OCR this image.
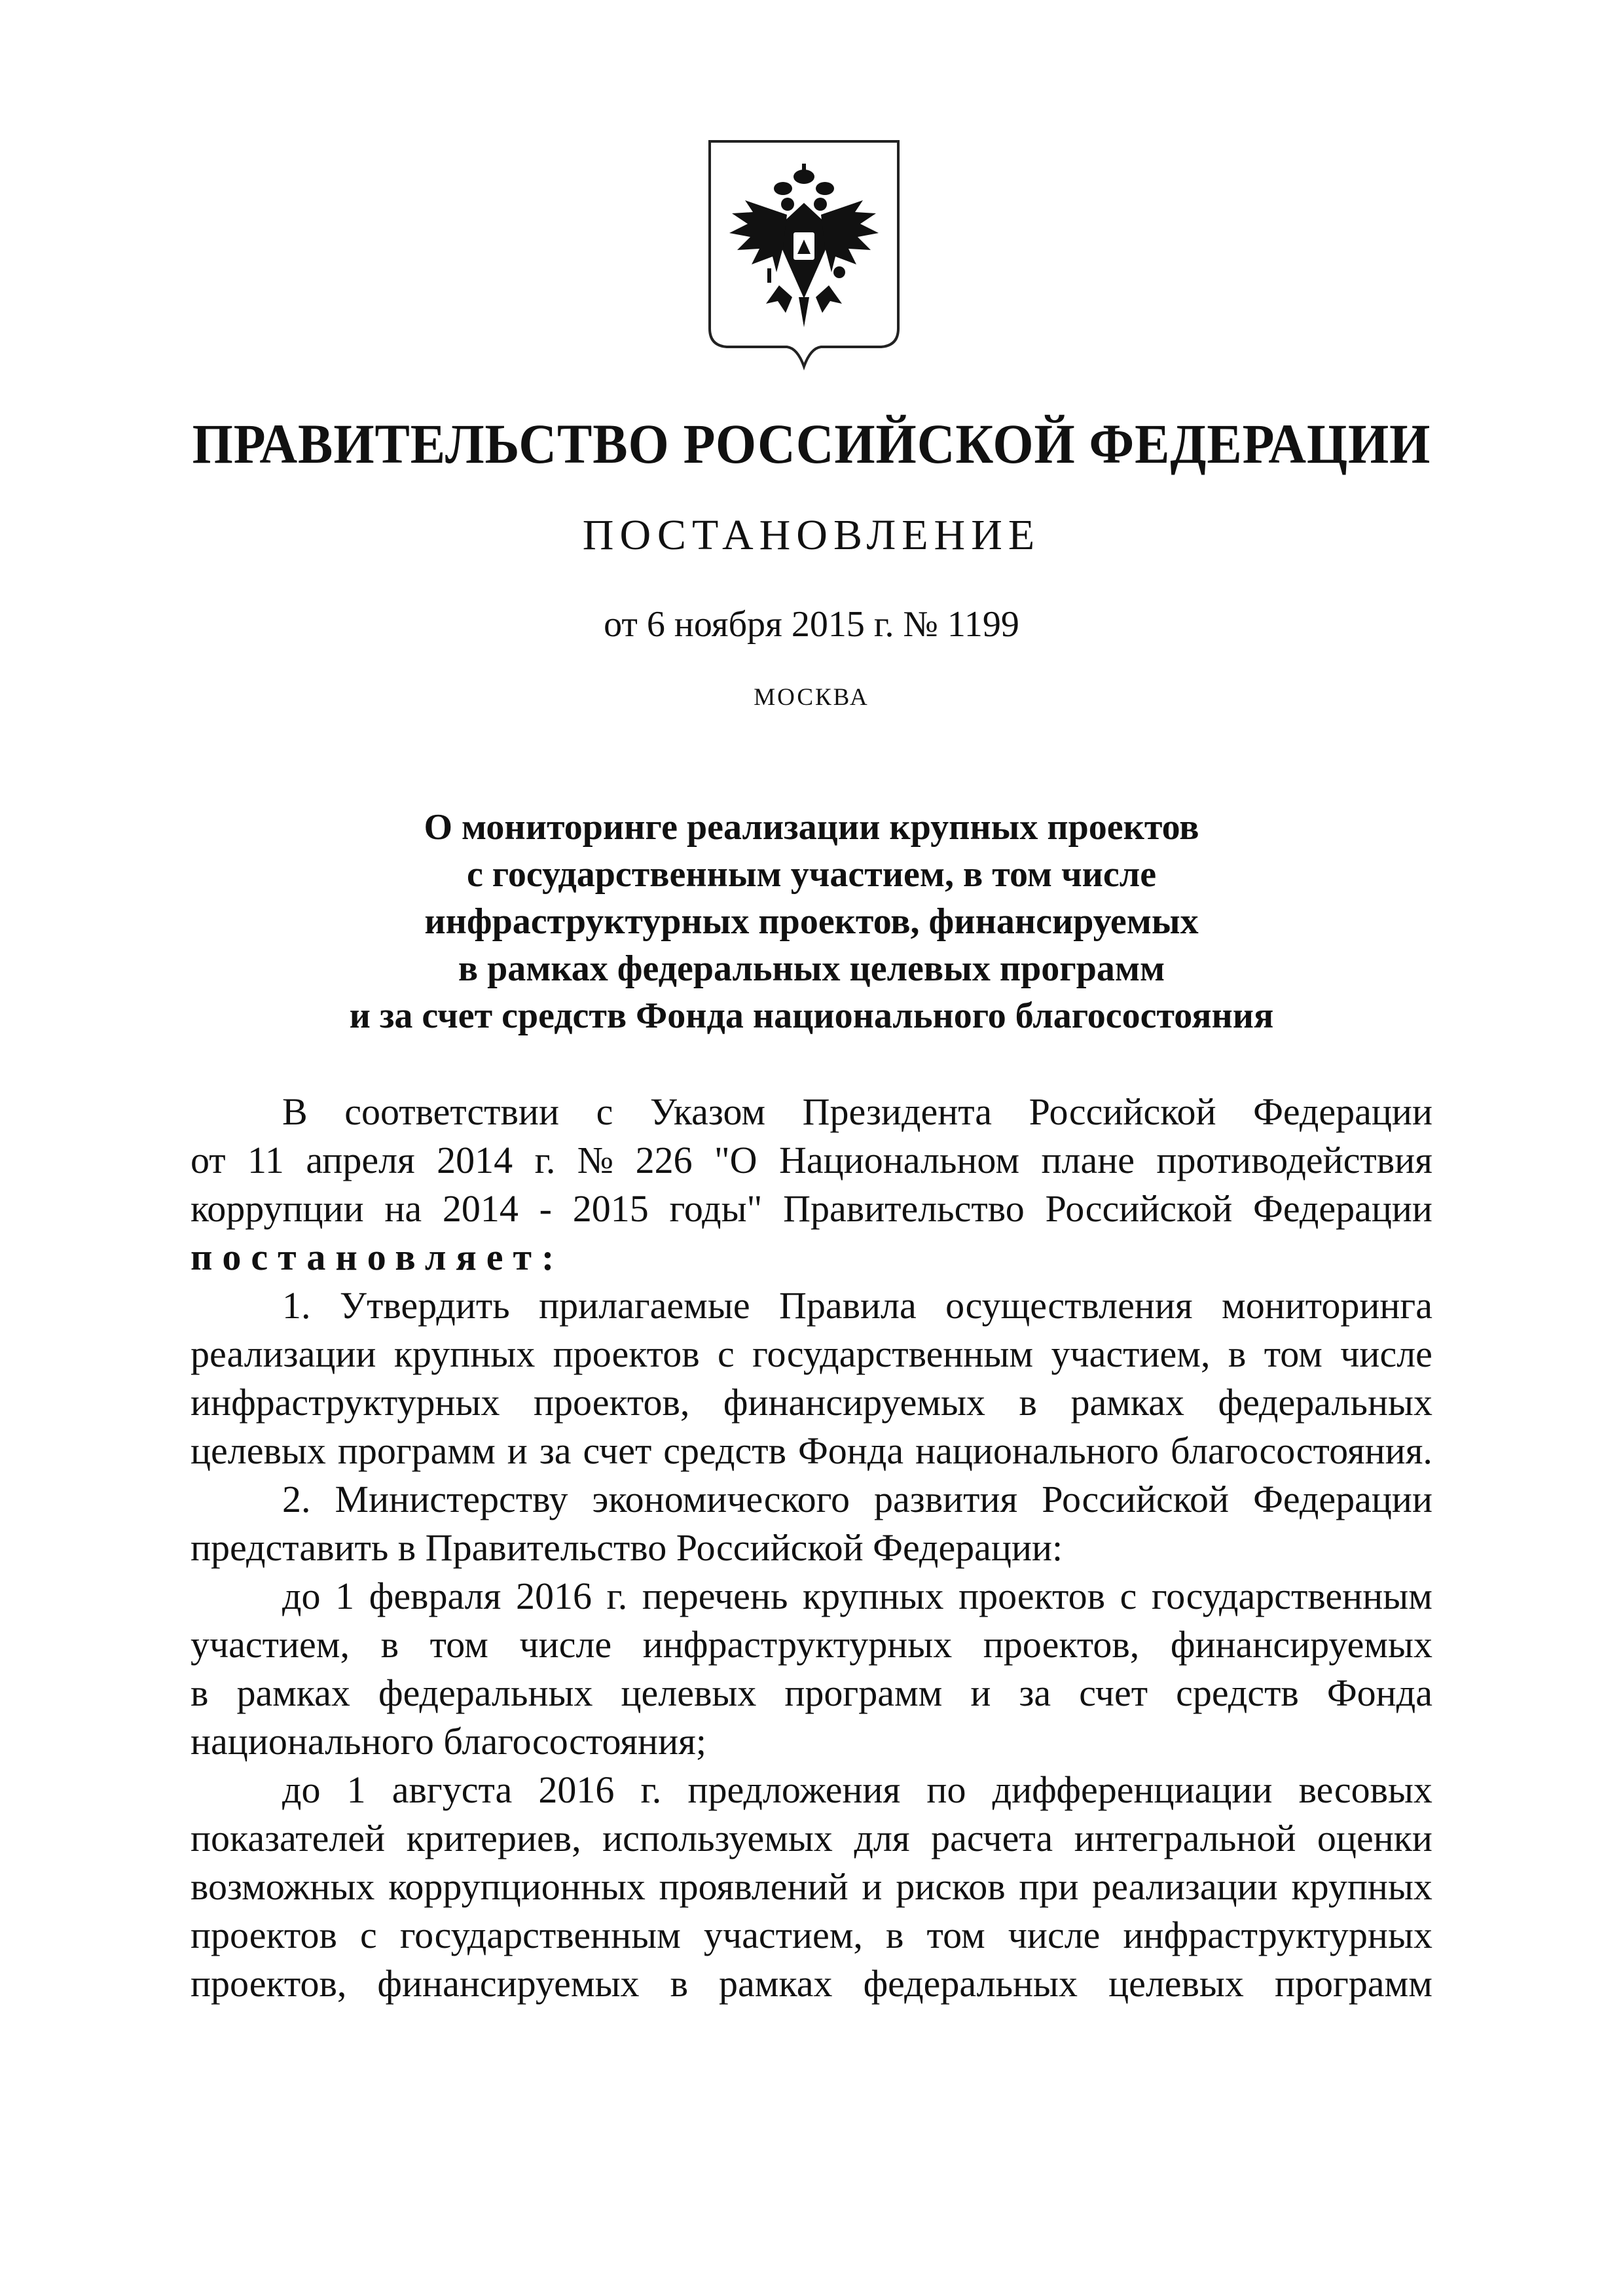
ПРАВИТЕЛЬСТВО РОССИЙСКОЙ ФЕДЕРАЦИИ
ПОСТАНОВЛЕНИЕ
от 6 ноября 2015 г. № 1199
МОСКВА
О мониторинге реализации крупных проектов
с государственным участием, в том числе
инфраструктурных проектов, финансируемых
в рамках федеральных целевых программ
и за счет средств Фонда национального благосостояния
В соответствии с Указом Президента Российской Федерации
от 11 апреля 2014 г. № 226 "О Национальном плане противодействия
коррупции на 2014 - 2015 годы" Правительство Российской Федерации
постановляет:
1. Утвердить прилагаемые Правила осуществления мониторинга
реализации крупных проектов с государственным участием, в том числе
инфраструктурных проектов, финансируемых в рамках федеральных
целевых программ и за счет средств Фонда национального благосостояния.
2. Министерству экономического развития Российской Федерации
представить в Правительство Российской Федерации:
до 1 февраля 2016 г. перечень крупных проектов с государственным
участием, в том числе инфраструктурных проектов, финансируемых
в рамках федеральных целевых программ и за счет средств Фонда
национального благосостояния;
до 1 августа 2016 г. предложения по дифференциации весовых
показателей критериев, используемых для расчета интегральной оценки
возможных коррупционных проявлений и рисков при реализации крупных
проектов с государственным участием, в том числе инфраструктурных
проектов, финансируемых в рамках федеральных целевых программ
